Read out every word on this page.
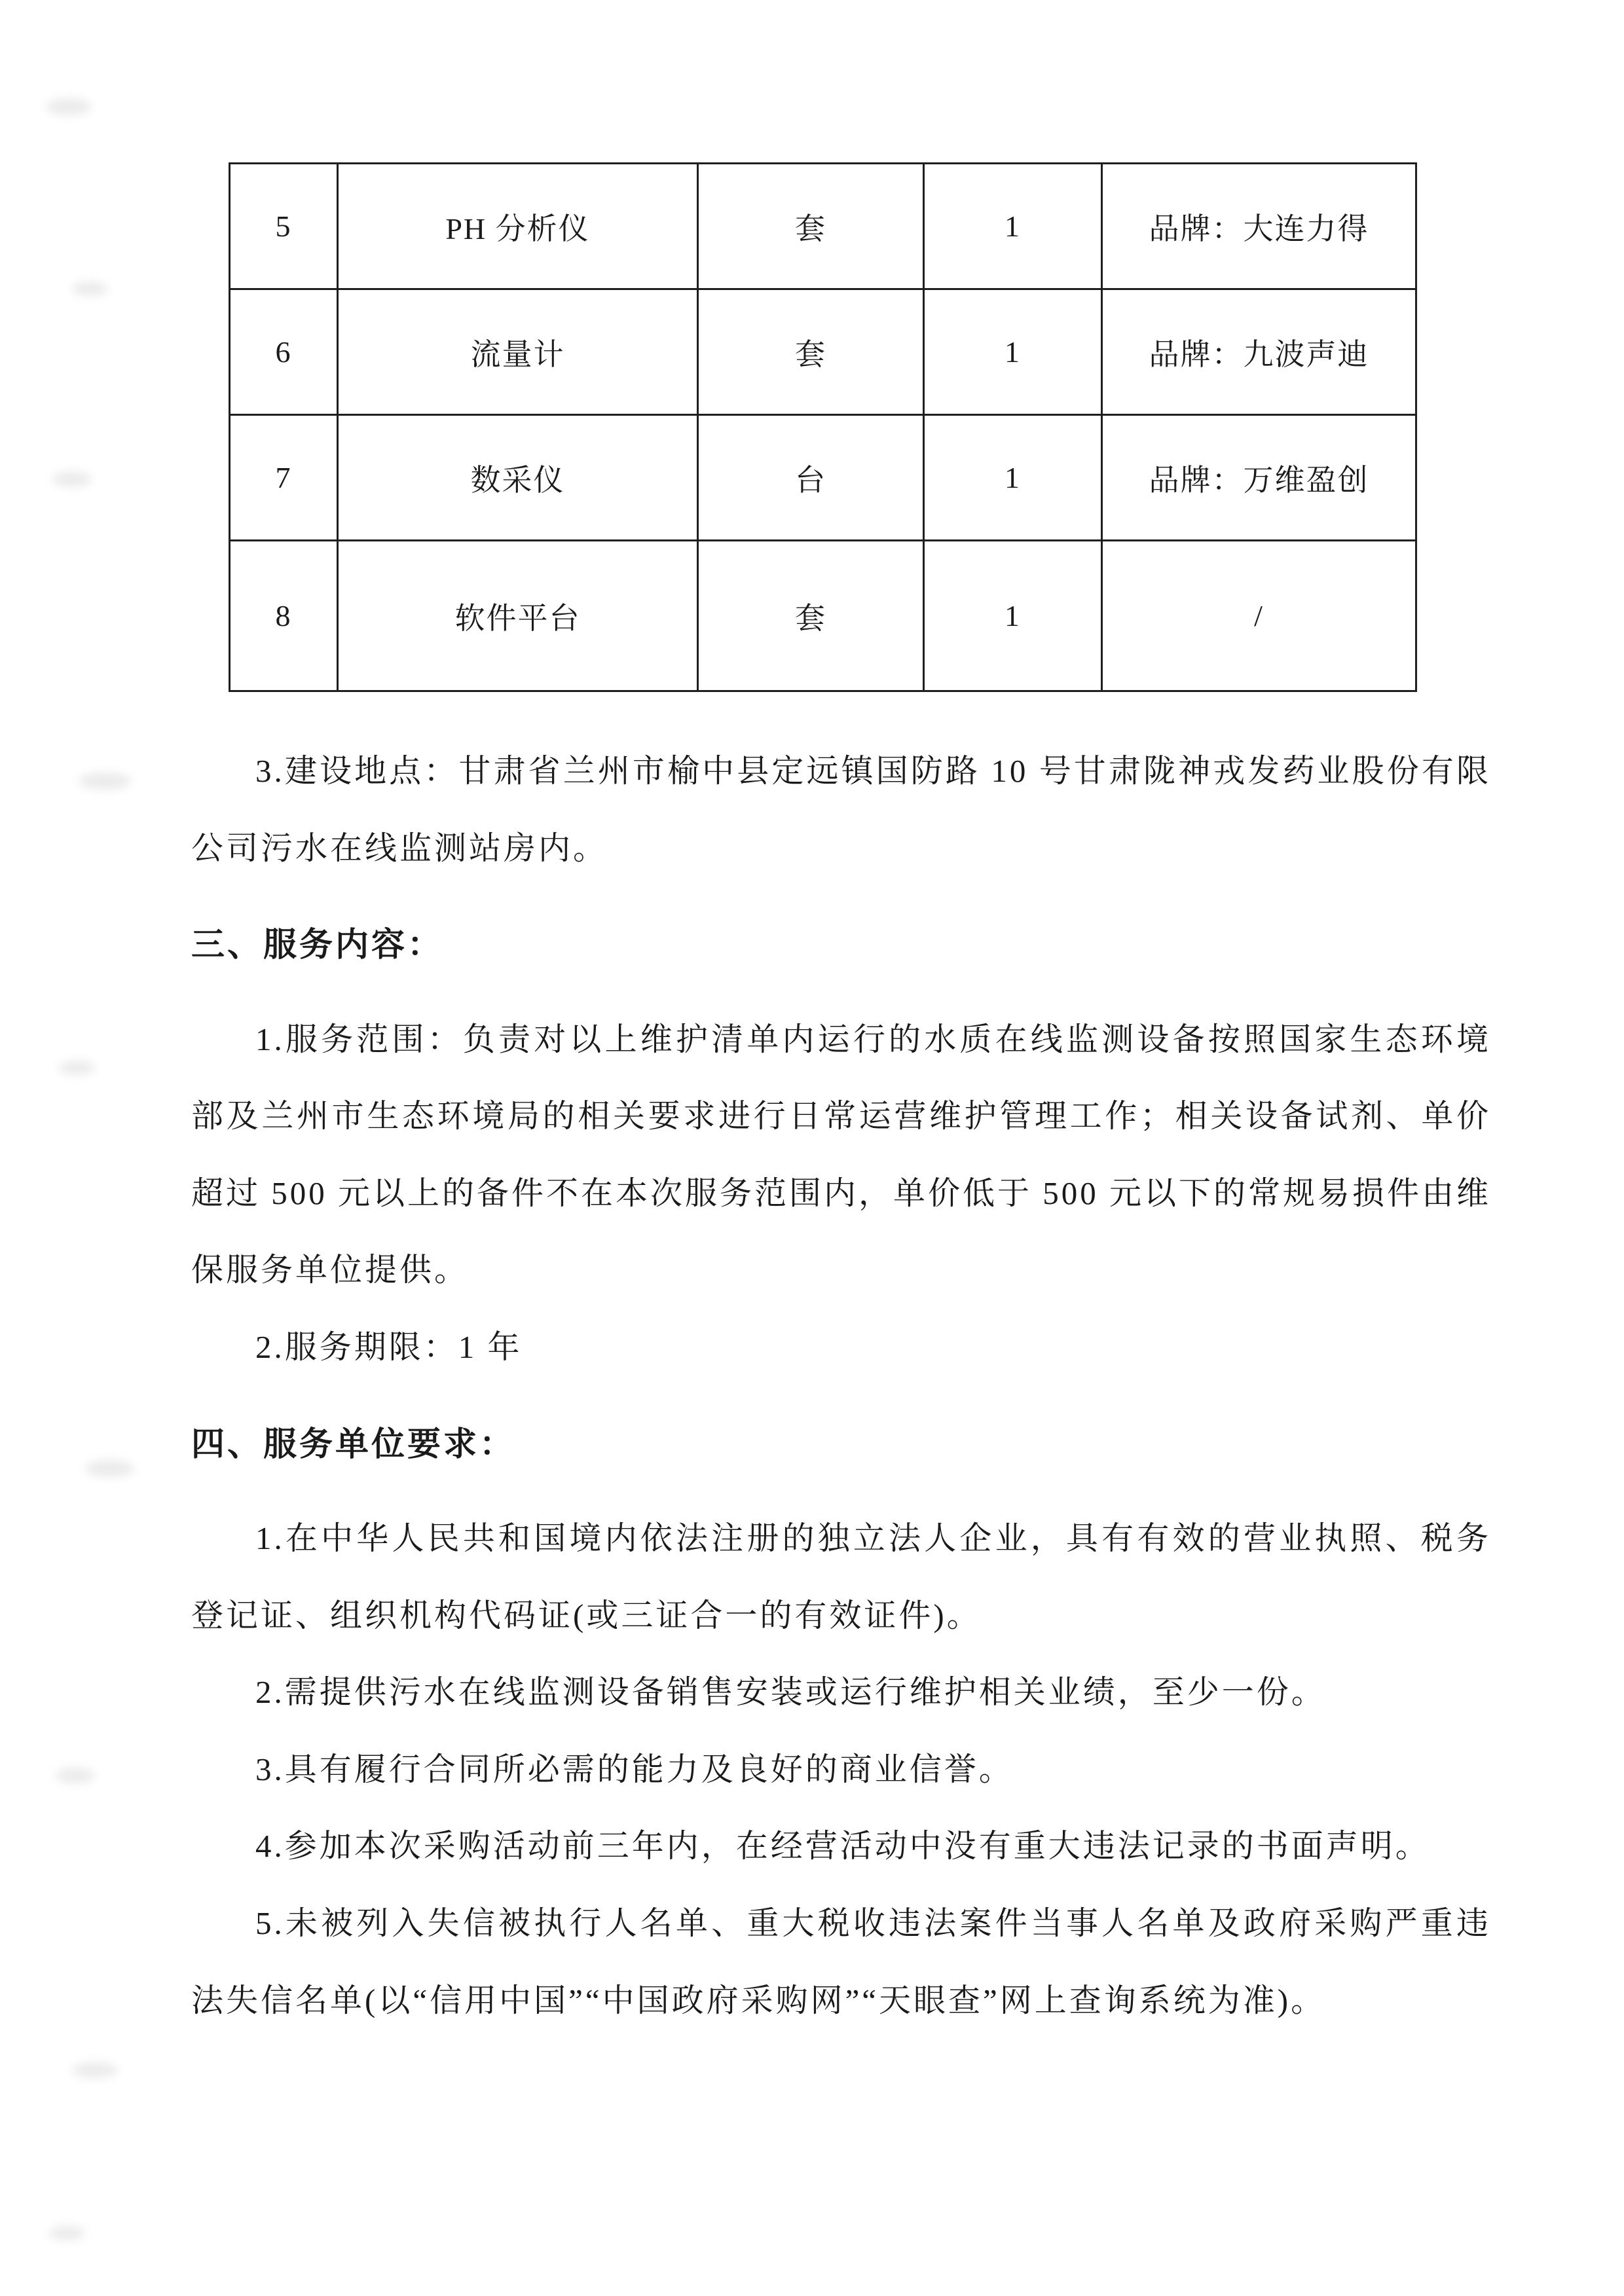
5	PH 分析仪	套	1	品牌：大连力得
6	流量计	套	1	品牌：九波声迪
7	数采仪	台	1	品牌：万维盈创
8	软件平台	套	1	/

3.建设地点：甘肃省兰州市榆中县定远镇国防路 10 号甘肃陇神戎发药业股份有限公司污水在线监测站房内。

三、服务内容：

1.服务范围：负责对以上维护清单内运行的水质在线监测设备按照国家生态环境部及兰州市生态环境局的相关要求进行日常运营维护管理工作；相关设备试剂、单价超过 500 元以上的备件不在本次服务范围内，单价低于 500 元以下的常规易损件由维保服务单位提供。

2.服务期限：1 年

四、服务单位要求：

1.在中华人民共和国境内依法注册的独立法人企业，具有有效的营业执照、税务登记证、组织机构代码证(或三证合一的有效证件)。

2.需提供污水在线监测设备销售安装或运行维护相关业绩，至少一份。

3.具有履行合同所必需的能力及良好的商业信誉。

4.参加本次采购活动前三年内，在经营活动中没有重大违法记录的书面声明。

5.未被列入失信被执行人名单、重大税收违法案件当事人名单及政府采购严重违法失信名单(以“信用中国”“中国政府采购网”“天眼查”网上查询系统为准)。
